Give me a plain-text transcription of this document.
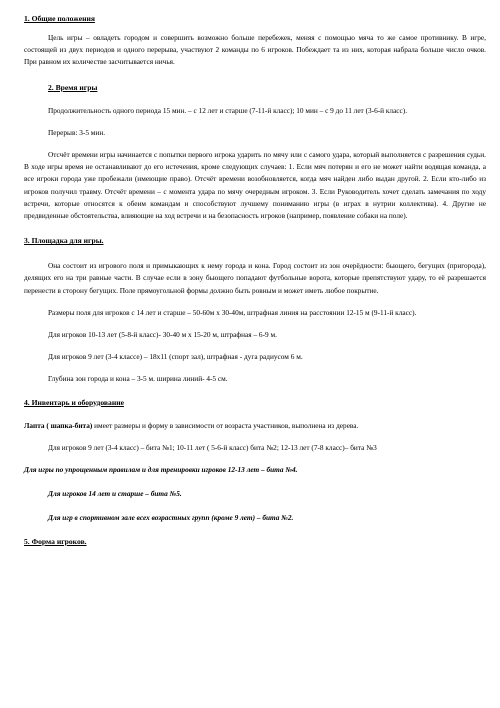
1. Общие положения

Цель игры – овладеть городом и совершить возможно больше перебежек, меняя с помощью мяча то же самое противнику. В игре, состоящей из двух периодов и одного перерыва, участвуют 2 команды по 6 игроков. Побеждает та из них, которая набрала больше число очков. При равном их количестве засчитывается ничья.

2. Время игры

Продолжительность одного периода 15 мин. – с 12 лет и старше (7-11-й класс); 10 мин – с 9 до 11 лет (3-6-й класс).

Перерыв: 3-5 мин.

Отсчёт времени игры начинается с попытки первого игрока ударить по мячу или с самого удара, который выполняется с разрешения судьи. В ходе игры время не останавливают до его истечения, кроме следующих случаев: 1. Если мяч потерян и его не может найти водящая команда, а все игроки города уже пробежали (имеющие право). Отсчёт времени возобновляется, когда мяч найден либо выдан другой. 2. Если кто-либо из игроков получил травму. Отсчёт времени – с момента удара по мячу очередным игроком. 3. Если Руководитель хочет сделать замечания по ходу встречи, которые относятся к обеим командам и способствуют лучшему пониманию игры (в играх в нутрии коллектива). 4. Другие не предвиденные обстоятельства, влияющие на ход встречи и на безопасность игроков (например, появление собаки на поле).

3. Площадка для игры.

Она состоит из игрового поля и примыкающих к нему города и кона. Город состоит из зон очерёдности: бьющего, бегущих (пригорода), делящих его на три равные части. В случае если в зону бьющего попадают футбольные ворота, которые препятствуют удару, то её разрешается перенести в сторону бегущих. Поле прямоугольной формы должно быть ровным и может иметь любое покрытие.

Размеры поля для игроков с 14 лет и старше – 50-60м х 30-40м, штрафная линия на расстоянии 12-15 м (9-11-й класс).

Для игроков 10-13 лет (5-8-й класс)- 30-40 м х 15-20 м, штрафная – 6-9 м.

Для игроков 9 лет (3-4 классе) – 18х11 (спорт зал), штрафная - дуга радиусом 6 м.

Глубина зон города и кона – 3-5 м. ширина линий- 4-5 см.

4. Инвентарь и оборудование

Лапта ( шапка-бита) имеет размеры и форму в зависимости от возраста участников, выполнена из дерева.

Для игроков 9 лет (3-4 класс) – бита №1; 10-11 лет ( 5-6-й класс) бита №2; 12-13 лет (7-8 класс)– бита №3

Для игры по упрощенным правилам и для тренировки игроков 12-13 лет – бита №4.

Для игроков 14 лет и старше – бита №5.

Для игр в спортивном зале всех возрастных групп (кроме 9 лет) – бита №2.

5. Форма игроков.
